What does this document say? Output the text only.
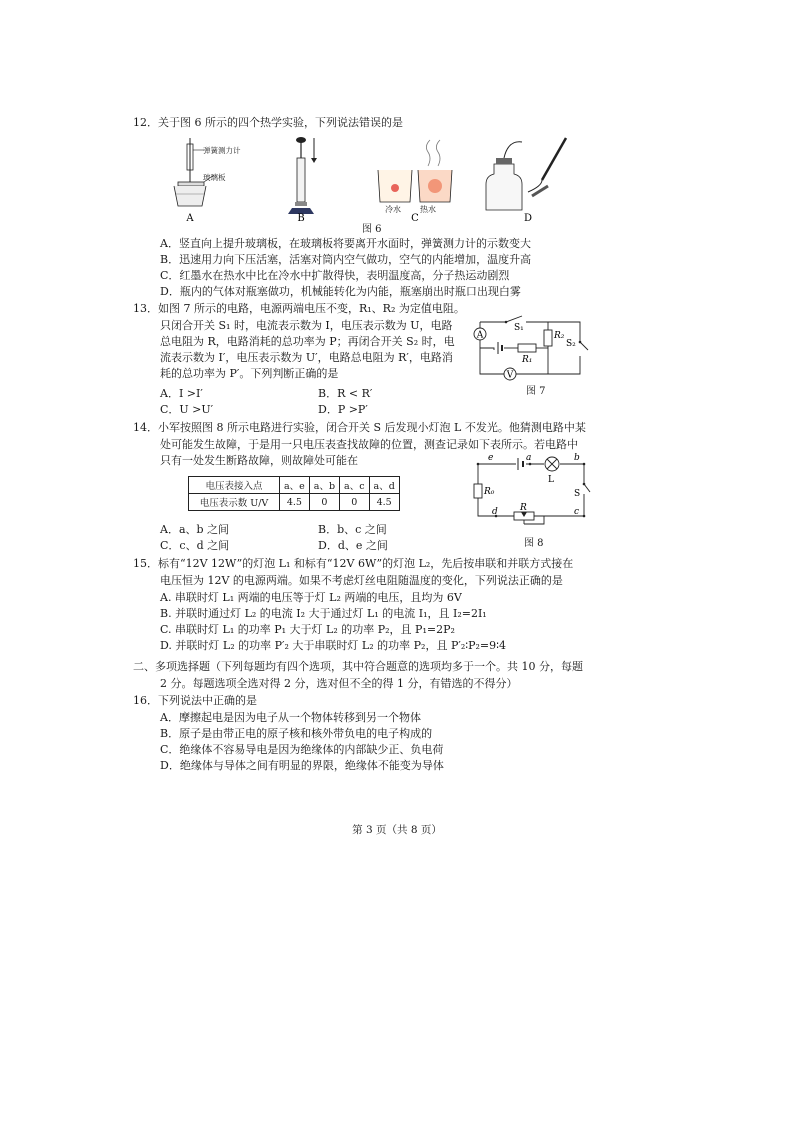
12．关于图 6 所示的四个热学实验，下列说法错误的是
A	B	C	D
弹簧测力计
玻璃板
冷水 热水
图 6
A．竖直向上提升玻璃板，在玻璃板将要离开水面时，弹簧测力计的示数变大
B．迅速用力向下压活塞，活塞对筒内空气做功，空气的内能增加，温度升高
C．红墨水在热水中比在冷水中扩散得快，表明温度高，分子热运动剧烈
D．瓶内的气体对瓶塞做功，机械能转化为内能，瓶塞崩出时瓶口出现白雾
13．如图 7 所示的电路，电源两端电压不变，R₁、R₂ 为定值电阻。
只闭合开关 S₁ 时，电流表示数为 I，电压表示数为 U，电路
总电阻为 R，电路消耗的总功率为 P；再闭合开关 S₂ 时，电
流表示数为 I′，电压表示数为 U′，电路总电阻为 R′，电路消
耗的总功率为 P′。下列判断正确的是
A．I >I′	B．R < R′
C．U >U′	D．P >P′
A
V
S₁
R₂
R₁
S₂
图 7
14．小军按照图 8 所示电路进行实验，闭合开关 S 后发现小灯泡 L 不发光。他猜测电路中某
处可能发生故障，于是用一只电压表查找故障的位置，测查记录如下表所示。若电路中
只有一处发生断路故障，则故障处可能在
电压表接入点	a、e	a、b	a、c	a、d
电压表示数 U/V	4.5	0	0	4.5
A．a、b 之间	B．b、c 之间
C．c、d 之间	D．d、e 之间
e	a	b
c
d
L
S
R₀
R
图 8
15．标有“12V 12W”的灯泡 L₁ 和标有“12V 6W”的灯泡 L₂，先后按串联和并联方式接在
电压恒为 12V 的电源两端。如果不考虑灯丝电阻随温度的变化，下列说法正确的是
A. 串联时灯 L₁ 两端的电压等于灯 L₂ 两端的电压，且均为 6V
B. 并联时通过灯 L₂ 的电流 I₂ 大于通过灯 L₁ 的电流 I₁，且 I₂=2I₁
C. 串联时灯 L₁ 的功率 P₁ 大于灯 L₂ 的功率 P₂，且 P₁=2P₂
D. 并联时灯 L₂ 的功率 P′₂ 大于串联时灯 L₂ 的功率 P₂，且 P′₂∶P₂=9∶4
二、多项选择题（下列每题均有四个选项，其中符合题意的选项均多于一个。共 10 分，每题
2 分。每题选项全选对得 2 分，选对但不全的得 1 分，有错选的不得分）
16．下列说法中正确的是
A．摩擦起电是因为电子从一个物体转移到另一个物体
B．原子是由带正电的原子核和核外带负电的电子构成的
C．绝缘体不容易导电是因为绝缘体的内部缺少正、负电荷
D．绝缘体与导体之间有明显的界限，绝缘体不能变为导体
第 3 页（共 8 页）
